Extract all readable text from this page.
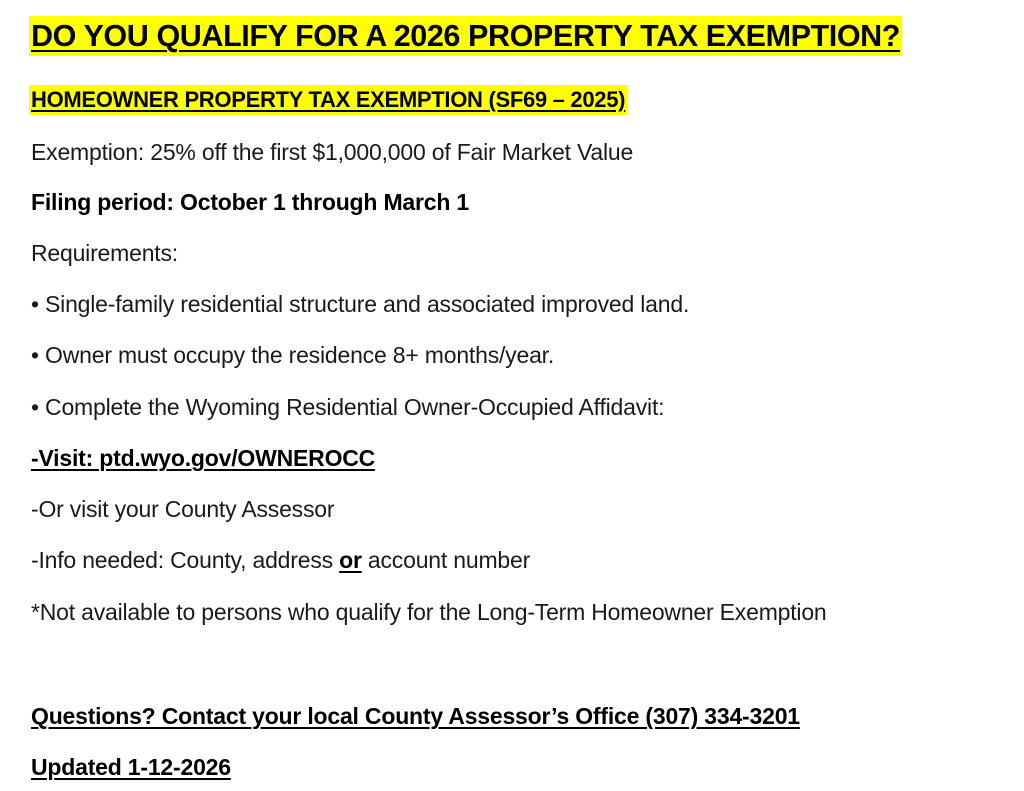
DO YOU QUALIFY FOR A 2026 PROPERTY TAX EXEMPTION?
HOMEOWNER PROPERTY TAX EXEMPTION (SF69 – 2025)
Exemption: 25% off the first $1,000,000 of Fair Market Value
Filing period: October 1 through March 1
Requirements:
• Single-family residential structure and associated improved land.
• Owner must occupy the residence 8+ months/year.
• Complete the Wyoming Residential Owner-Occupied Affidavit:
-Visit: ptd.wyo.gov/OWNEROCC
-Or visit your County Assessor
-Info needed: County, address or account number
*Not available to persons who qualify for the Long-Term Homeowner Exemption
Questions? Contact your local County Assessor’s Office (307) 334-3201
Updated 1-12-2026
